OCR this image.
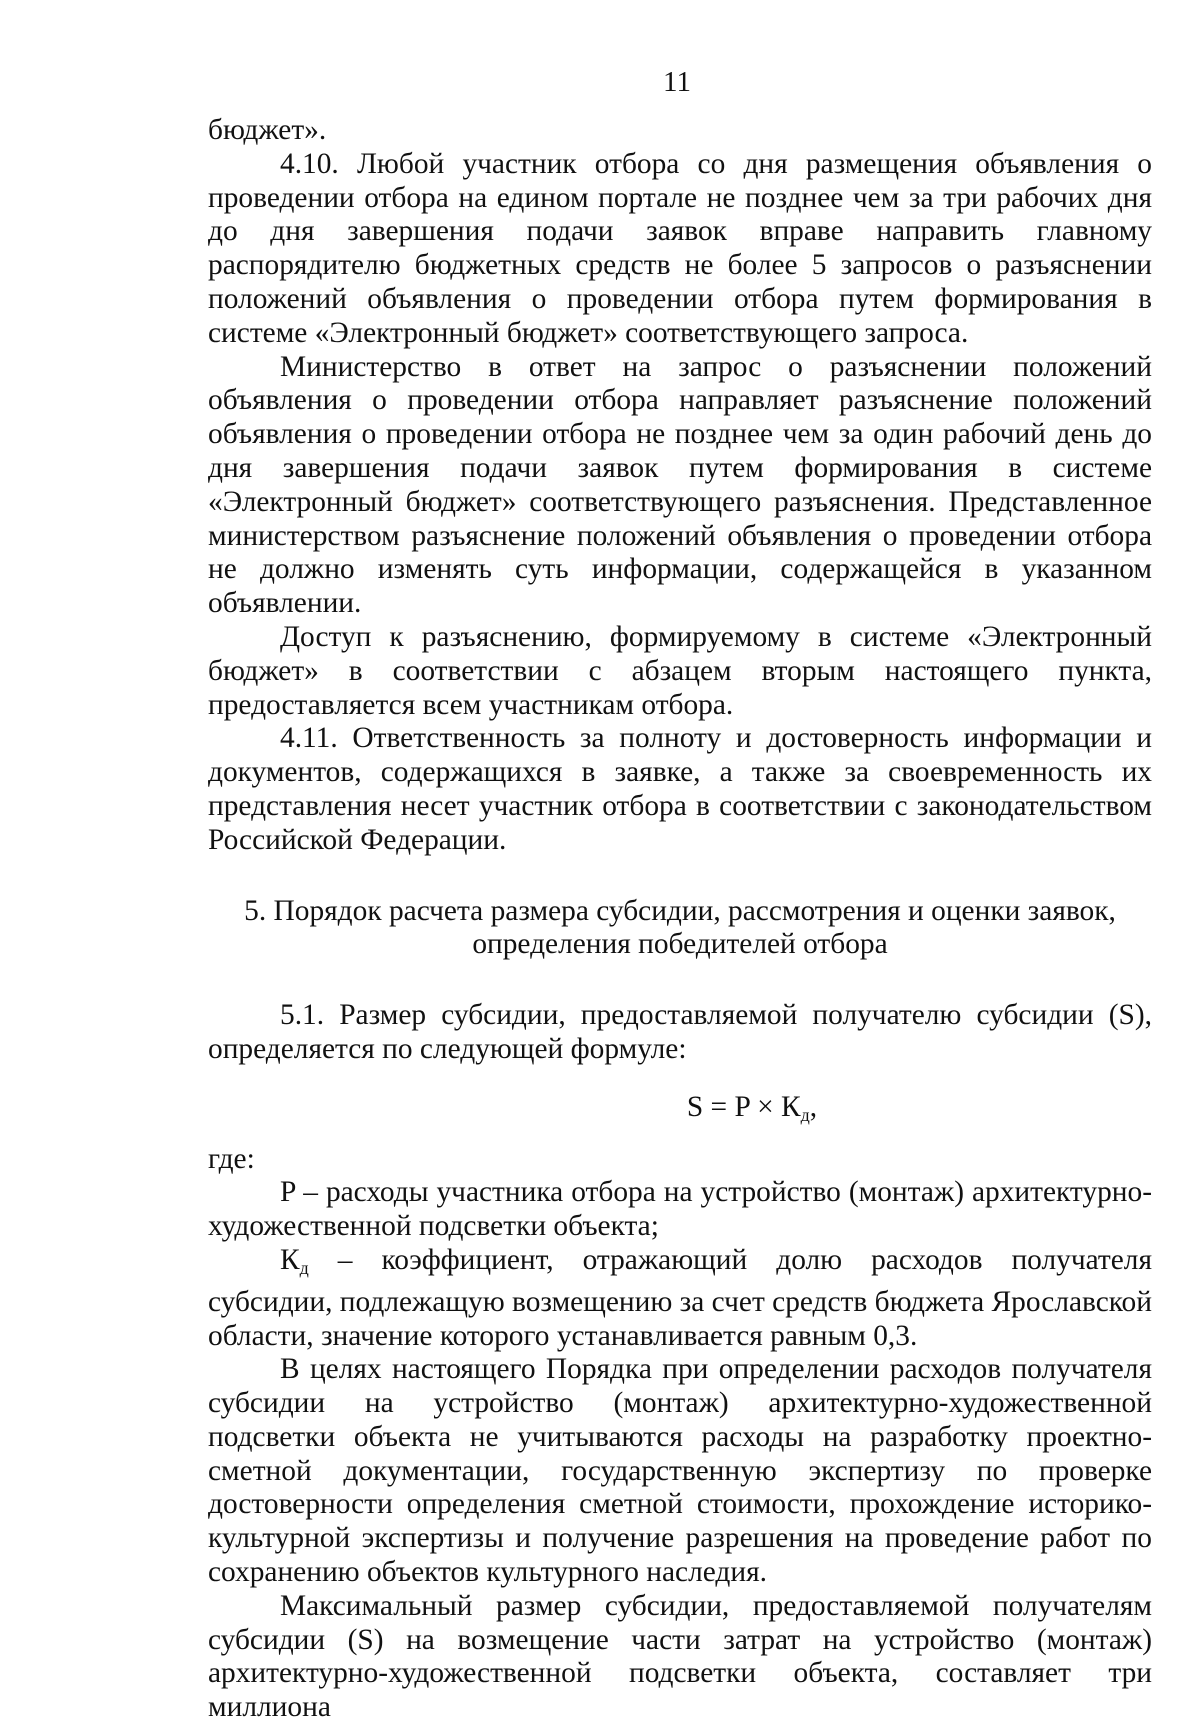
11

бюджет».

4.10. Любой участник отбора со дня размещения объявления о проведении отбора на едином портале не позднее чем за три рабочих дня до дня завершения подачи заявок вправе направить главному распорядителю бюджетных средств не более 5 запросов о разъяснении положений объявления о проведении отбора путем формирования в системе «Электронный бюджет» соответствующего запроса.

Министерство в ответ на запрос о разъяснении положений объявления о проведении отбора направляет разъяснение положений объявления о проведении отбора не позднее чем за один рабочий день до дня завершения подачи заявок путем формирования в системе «Электронный бюджет» соответствующего разъяснения. Представленное министерством разъяснение положений объявления о проведении отбора не должно изменять суть информации, содержащейся в указанном объявлении.

Доступ к разъяснению, формируемому в системе «Электронный бюджет» в соответствии с абзацем вторым настоящего пункта, предоставляется всем участникам отбора.

4.11. Ответственность за полноту и достоверность информации и документов, содержащихся в заявке, а также за своевременность их представления несет участник отбора в соответствии с законодательством Российской Федерации.

5. Порядок расчета размера субсидии, рассмотрения и оценки заявок, определения победителей отбора

5.1. Размер субсидии, предоставляемой получателю субсидии (S), определяется по следующей формуле:

$S = P \times К_д$,

где:

P – расходы участника отбора на устройство (монтаж) архитектурно-художественной подсветки объекта;

$К_д$ – коэффициент, отражающий долю расходов получателя субсидии, подлежащую возмещению за счет средств бюджета Ярославской области, значение которого устанавливается равным 0,3.

В целях настоящего Порядка при определении расходов получателя субсидии на устройство (монтаж) архитектурно-художественной подсветки объекта не учитываются расходы на разработку проектно-сметной документации, государственную экспертизу по проверке достоверности определения сметной стоимости, прохождение историко-культурной экспертизы и получение разрешения на проведение работ по сохранению объектов культурного наследия.

Максимальный размер субсидии, предоставляемой получателям субсидии (S) на возмещение части затрат на устройство (монтаж) архитектурно-художественной подсветки объекта, составляет три миллиона
